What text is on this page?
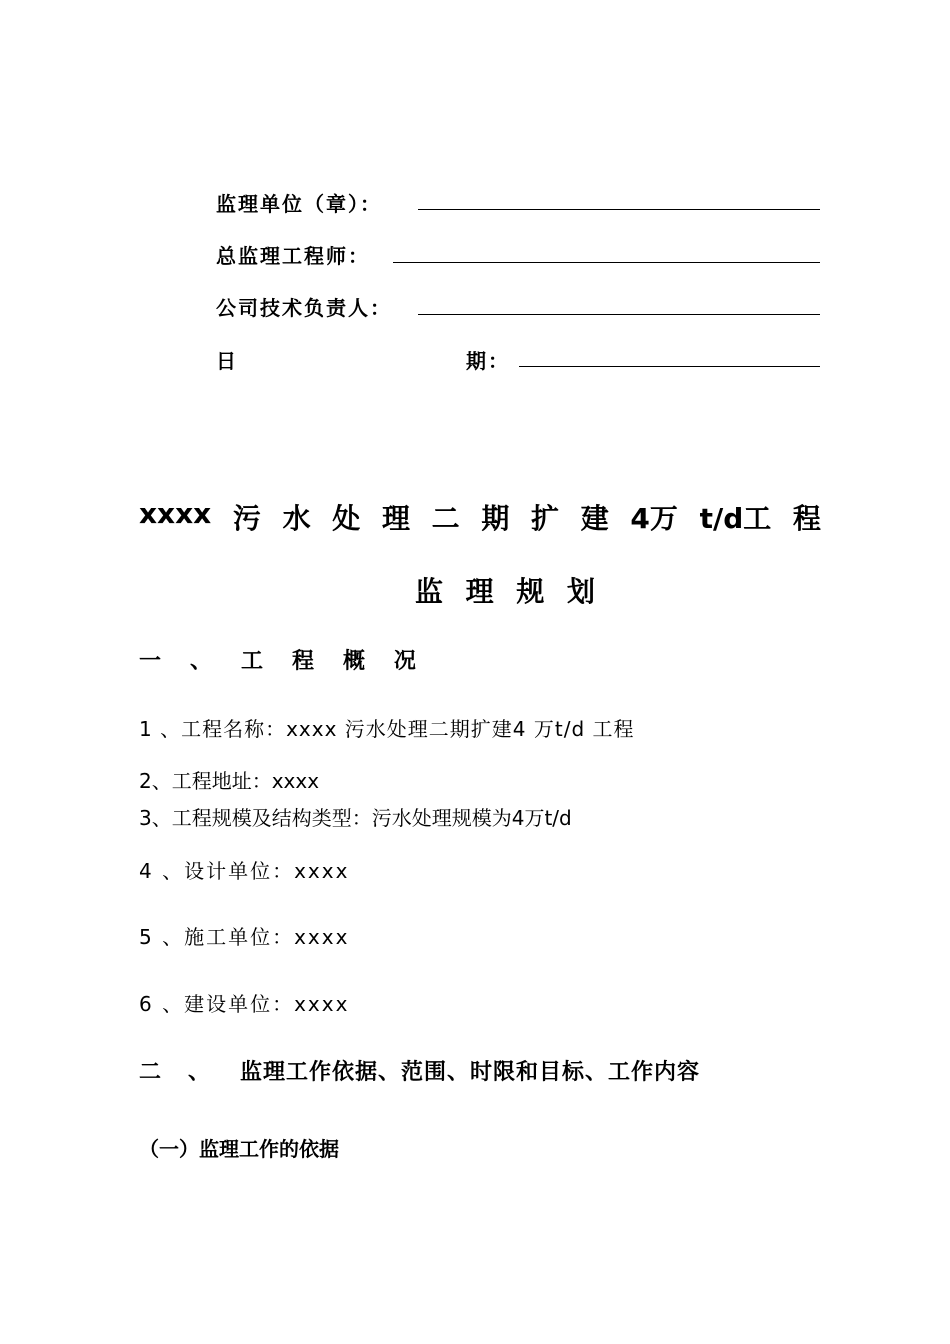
监理单位（章）：
总监理工程师：
公司技术负责人：
日	期：
xxxx 污 水 处 理 二 期 扩 建 4万 t/d工 程
监 理 规 划
一 、 工 程 概 况
1 、工程名称：xxxx 污水处理二期扩建4 万t/d 工程
2、工程地址：xxxx
3、工程规模及结构类型：污水处理规模为4万t/d
4 、设计单位：xxxx
5 、施工单位：xxxx
6 、建设单位：xxxx
二 、 监理工作依据、范围、时限和目标、工作内容
（一）监理工作的依据
